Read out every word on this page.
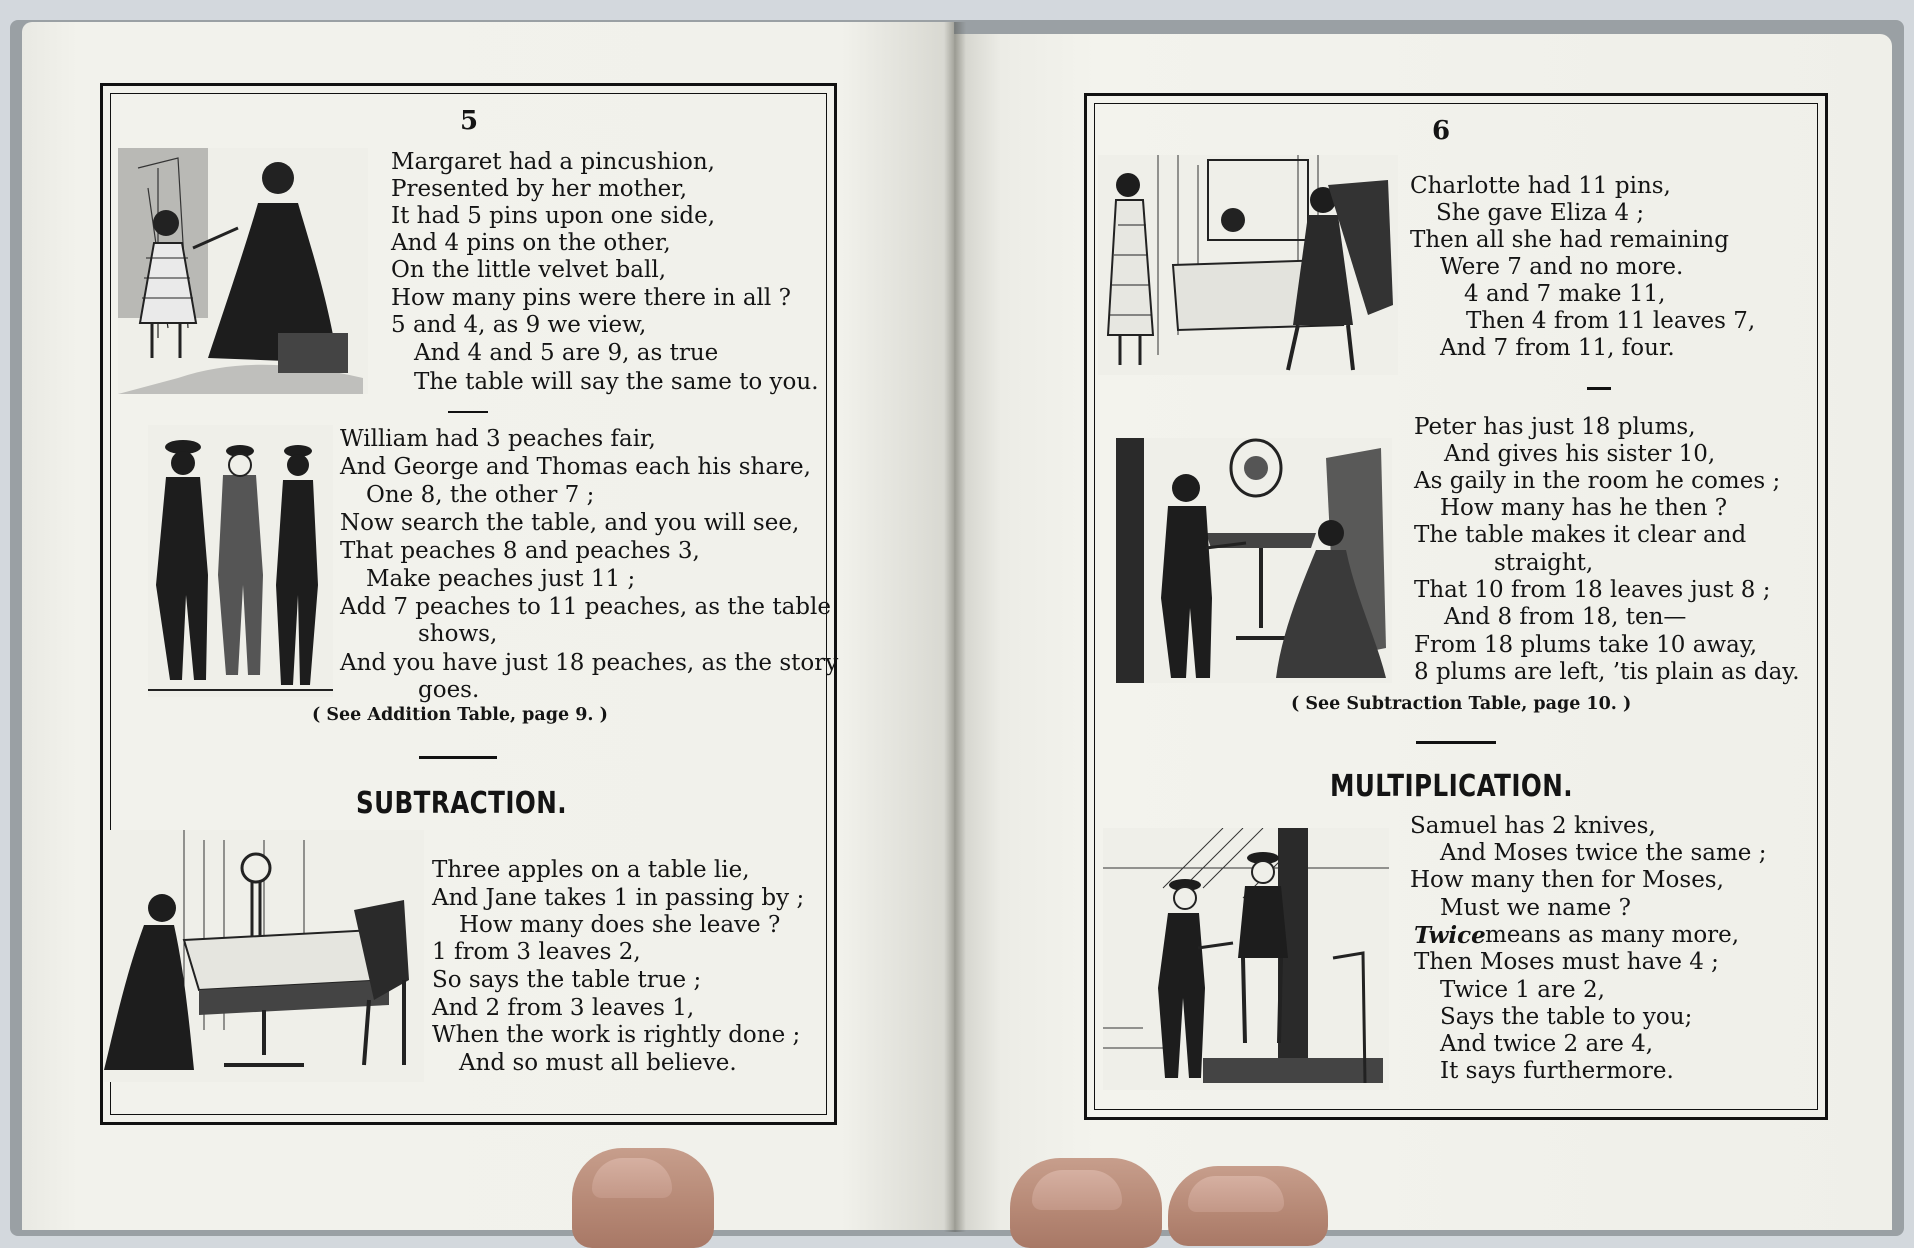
5

Margaret had a pincushion,

Presented by her mother,

It had 5 pins upon one side,

And 4 pins on the other,

On the little velvet ball,

How many pins were there in all ?

5 and 4, as 9 we view,

And 4 and 5 are 9, as true

The table will say the same to you.

William had 3 peaches fair,

And George and Thomas each his share,

One 8, the other 7 ;

Now search the table, and you will see,

That peaches 8 and peaches 3,

Make peaches just 11 ;

Add 7 peaches to 11 peaches, as the table

shows,

And you have just 18 peaches, as the story

goes.

( See Addition Table, page 9. )

SUBTRACTION.

Three apples on a table lie,

And Jane takes 1 in passing by ;

How many does she leave ?

1 from 3 leaves 2,

So says the table true ;

And 2 from 3 leaves 1,

When the work is rightly done ;

And so must all believe.

6

Charlotte had 11 pins,

She gave Eliza 4 ;

Then all she had remaining

Were 7 and no more.

4 and 7 make 11,

Then 4 from 11 leaves 7,

And 7 from 11, four.

Peter has just 18 plums,

And gives his sister 10,

As gaily in the room he comes ;

How many has he then ?

The table makes it clear and

straight,

That 10 from 18 leaves just 8 ;

And 8 from 18, ten—

From 18 plums take 10 away,

8 plums are left, ’tis plain as day.

( See Subtraction Table, page 10. )

MULTIPLICATION.

Samuel has 2 knives,

And Moses twice the same ;

How many then for Moses,

Must we name ?

Twice means as many more,

Then Moses must have 4 ;

Twice 1 are 2,

Says the table to you;

And twice 2 are 4,

It says furthermore.
